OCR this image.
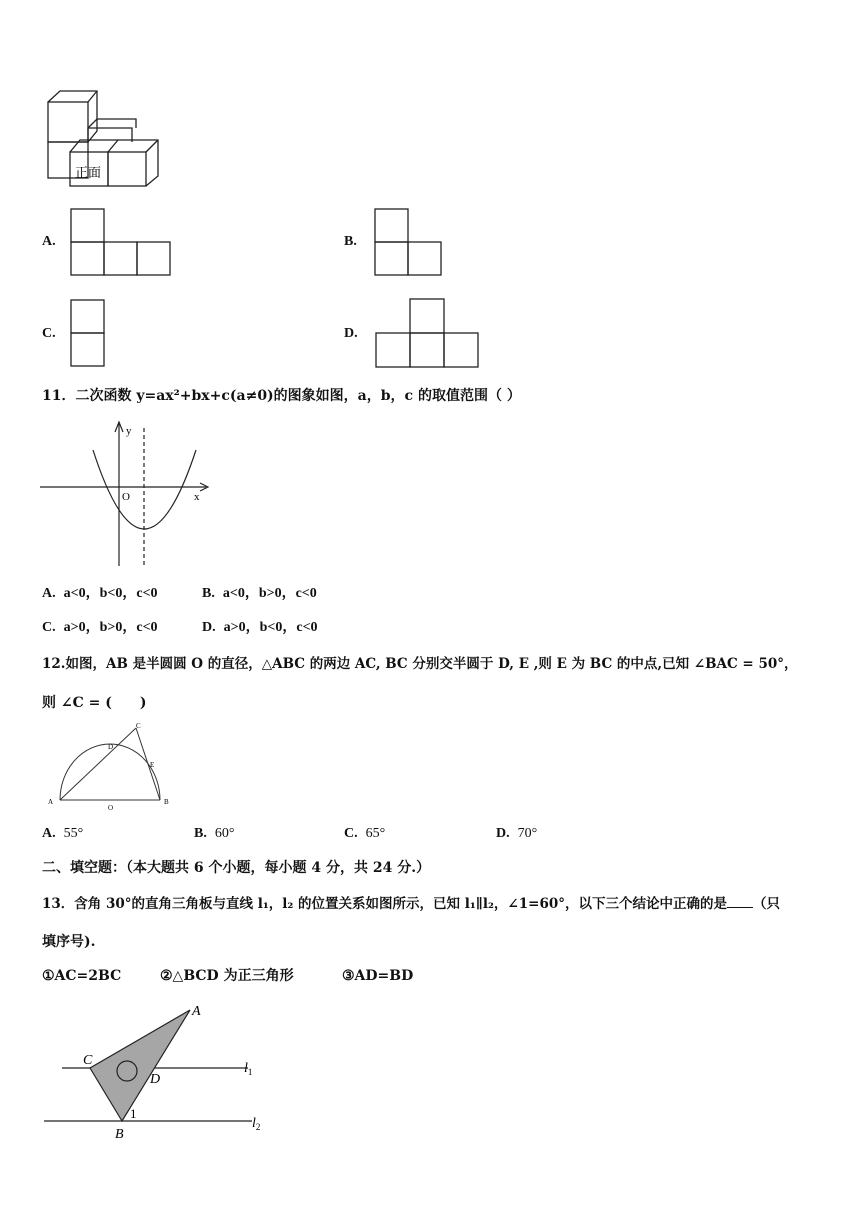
正面
A.	B.
C.	D.
11．二次函数 y=ax²+bx+c(a≠0)的图象如图，a，b，c 的取值范围（ ）
y
x
O
A. a<0，b<0，c<0	B. a<0，b>0，c<0
C. a>0，b>0，c<0	D. a>0，b<0，c<0
12.如图，AB 是半圆圆 O 的直径，△ABC 的两边 AC, BC 分别交半圆于 D, E ,则 E 为 BC 的中点,已知 ∠BAC = 50°，
则 ∠C = (　　)
A	B
C
D
E
O
A. 55°	B. 60°	C. 65°	D. 70°
二、填空题：（本大题共 6 个小题，每小题 4 分，共 24 分.）
13．含角 30°的直角三角板与直线 l₁，l₂ 的位置关系如图所示，已知 l₁∥l₂，∠1=60°，以下三个结论中正确的是 （只
填序号).
①AC=2BC	②△BCD 为正三角形	③AD=BD
A
B
C
D
$l_1$
$l_2$
1
